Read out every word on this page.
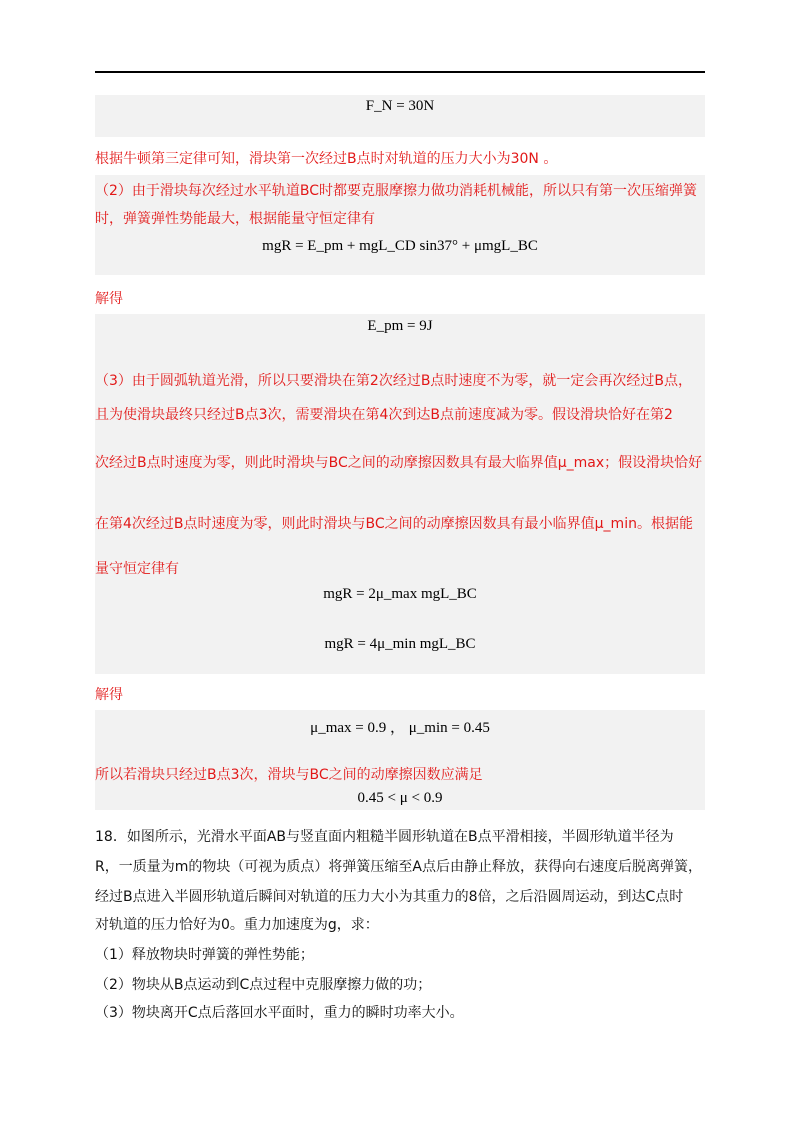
F_N = 30N
根据牛顿第三定律可知，滑块第一次经过B点时对轨道的压力大小为30N 。
（2）由于滑块每次经过水平轨道BC时都要克服摩擦力做功消耗机械能，所以只有第一次压缩弹簧
时，弹簧弹性势能最大，根据能量守恒定律有
mgR = E_pm + mgL_CD sin37° + μmgL_BC
解得
E_pm = 9J
（3）由于圆弧轨道光滑，所以只要滑块在第2次经过B点时速度不为零，就一定会再次经过B点，
且为使滑块最终只经过B点3次，需要滑块在第4次到达B点前速度减为零。假设滑块恰好在第2
次经过B点时速度为零，则此时滑块与BC之间的动摩擦因数具有最大临界值μ_max；假设滑块恰好
在第4次经过B点时速度为零，则此时滑块与BC之间的动摩擦因数具有最小临界值μ_min。根据能
量守恒定律有
mgR = 2μ_max mgL_BC
mgR = 4μ_min mgL_BC
解得
μ_max = 0.9 ， μ_min = 0.45
所以若滑块只经过B点3次，滑块与BC之间的动摩擦因数应满足
0.45 < μ < 0.9
18．如图所示，光滑水平面AB与竖直面内粗糙半圆形轨道在B点平滑相接，半圆形轨道半径为
R，一质量为m的物块（可视为质点）将弹簧压缩至A点后由静止释放，获得向右速度后脱离弹簧，
经过B点进入半圆形轨道后瞬间对轨道的压力大小为其重力的8倍，之后沿圆周运动，到达C点时
对轨道的压力恰好为0。重力加速度为g，求：
（1）释放物块时弹簧的弹性势能；
（2）物块从B点运动到C点过程中克服摩擦力做的功；
（3）物块离开C点后落回水平面时，重力的瞬时功率大小。
